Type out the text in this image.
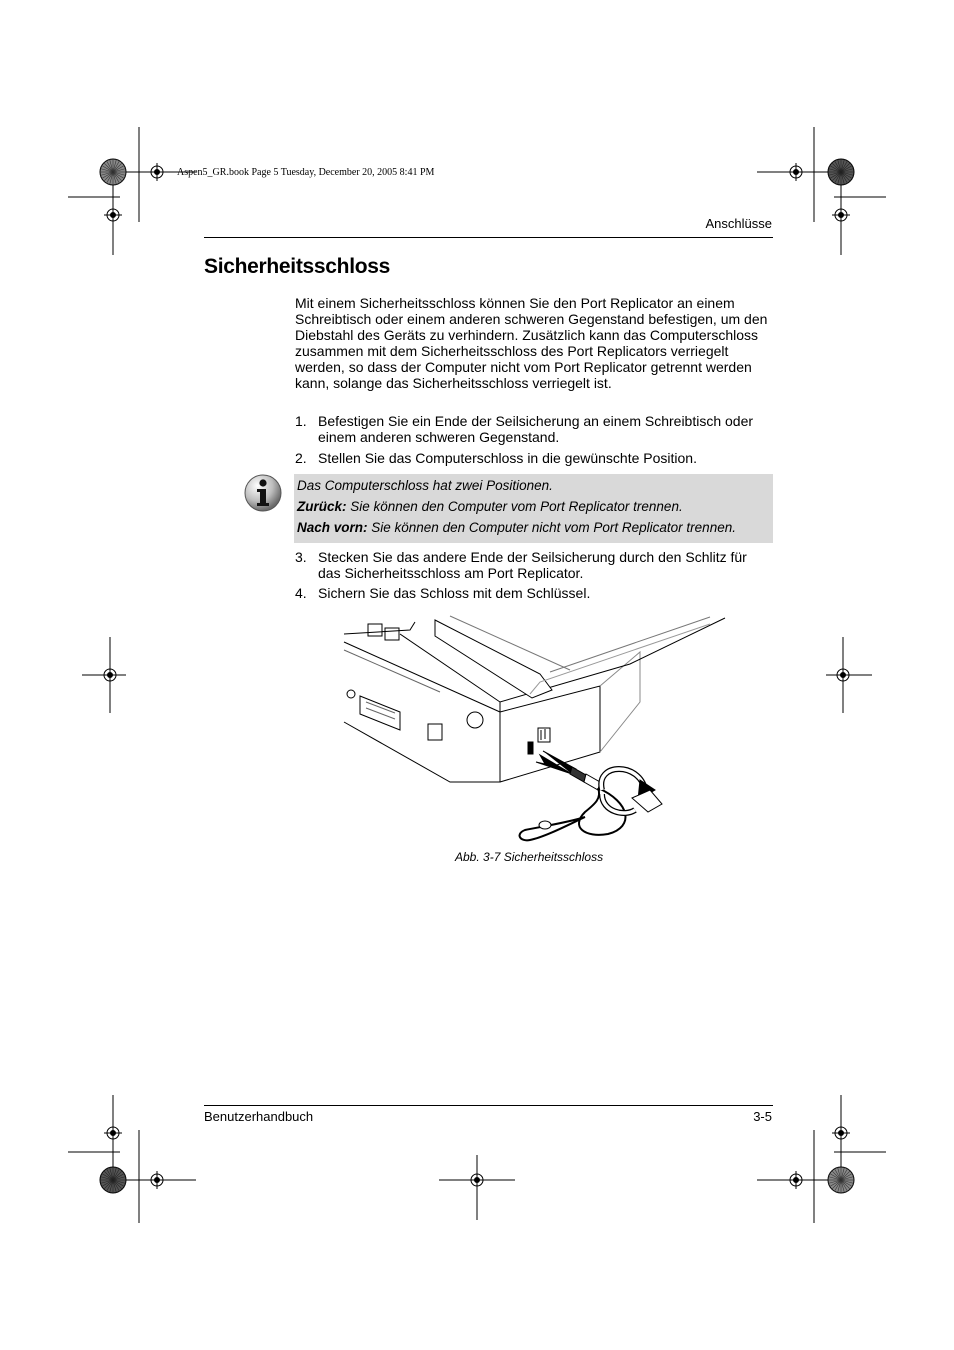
Aspen5_GR.book Page 5 Tuesday, December 20, 2005 8:41 PM
Anschlüsse
Sicherheitsschloss
Mit einem Sicherheitsschloss können Sie den Port Replicator an einem Schreibtisch oder einem anderen schweren Gegenstand befestigen, um den Diebstahl des Geräts zu verhindern. Zusätzlich kann das Computerschloss zusammen mit dem Sicherheitsschloss des Port Replicators verriegelt werden, so dass der Computer nicht vom Port Replicator getrennt werden kann, solange das Sicherheitsschloss verriegelt ist.
1. Befestigen Sie ein Ende der Seilsicherung an einem Schreibtisch oder einem anderen schweren Gegenstand.
2. Stellen Sie das Computerschloss in die gewünschte Position.
Das Computerschloss hat zwei Positionen.
Zurück: Sie können den Computer vom Port Replicator trennen.
Nach vorn: Sie können den Computer nicht vom Port Replicator trennen.
3. Stecken Sie das andere Ende der Seilsicherung durch den Schlitz für das Sicherheitsschloss am Port Replicator.
4. Sichern Sie das Schloss mit dem Schlüssel.
Abb. 3-7 Sicherheitsschloss
Benutzerhandbuch	3-5
